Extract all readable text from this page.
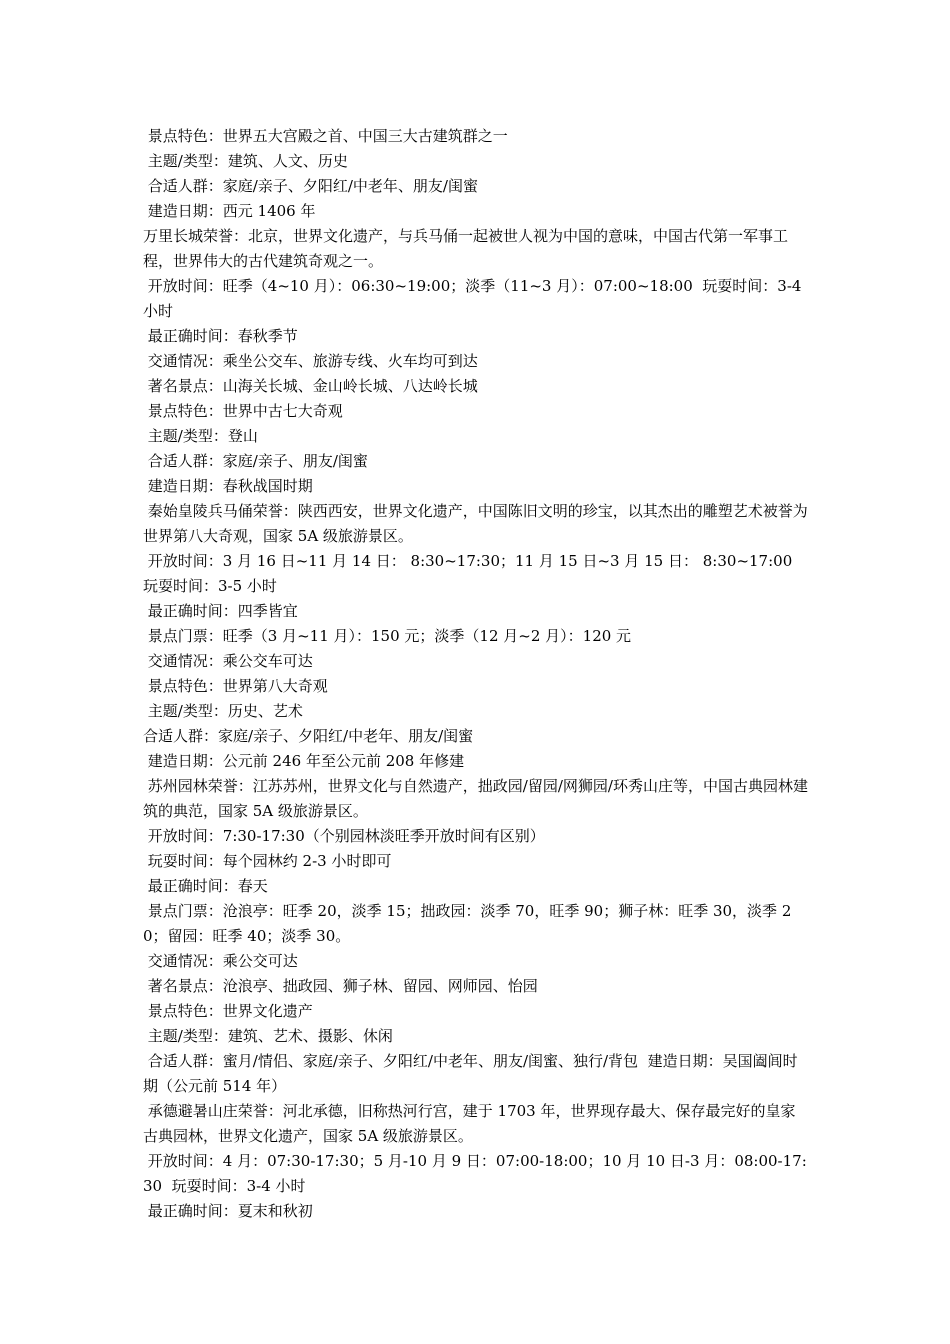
景点特色：世界五大宫殿之首、中国三大古建筑群之一

主题/类型：建筑、人文、历史

合适人群：家庭/亲子、夕阳红/中老年、朋友/闺蜜

建造日期：西元 1406 年

万里长城荣誉：北京，世界文化遗产，与兵马俑一起被世人视为中国的意味，中国古代第一军事工程，世界伟大的古代建筑奇观之一。

开放时间：旺季（4~10 月）：06:30~19:00；淡季（11~3 月）：07:00~18:00  玩耍时间：3-4 小时

最正确时间：春秋季节

交通情况：乘坐公交车、旅游专线、火车均可到达

著名景点：山海关长城、金山岭长城、八达岭长城

景点特色：世界中古七大奇观

主题/类型：登山

合适人群：家庭/亲子、朋友/闺蜜

建造日期：春秋战国时期

秦始皇陵兵马俑荣誉：陕西西安，世界文化遗产，中国陈旧文明的珍宝，以其杰出的雕塑艺术被誉为世界第八大奇观，国家 5A 级旅游景区。

开放时间：3 月 16 日~11 月 14 日： 8:30~17:30；11 月 15 日~3 月 15 日： 8:30~17:00  玩耍时间：3-5 小时

最正确时间：四季皆宜

景点门票：旺季（3 月~11 月）：150 元；淡季（12 月~2 月）：120 元

交通情况：乘公交车可达

景点特色：世界第八大奇观

主题/类型：历史、艺术

合适人群：家庭/亲子、夕阳红/中老年、朋友/闺蜜

建造日期：公元前 246 年至公元前 208 年修建

苏州园林荣誉：江苏苏州，世界文化与自然遗产，拙政园/留园/网狮园/环秀山庄等，中国古典园林建筑的典范，国家 5A 级旅游景区。

开放时间：7:30-17:30（个别园林淡旺季开放时间有区别）

玩耍时间：每个园林约 2-3 小时即可

最正确时间：春天

景点门票：沧浪亭：旺季 20，淡季 15；拙政园：淡季 70，旺季 90；狮子林：旺季 30，淡季 20；留园：旺季 40；淡季 30。

交通情况：乘公交可达

著名景点：沧浪亭、拙政园、狮子林、留园、网师园、怡园

景点特色：世界文化遗产

主题/类型：建筑、艺术、摄影、休闲

合适人群：蜜月/情侣、家庭/亲子、夕阳红/中老年、朋友/闺蜜、独行/背包  建造日期：吴国阖闾时期（公元前 514 年）

承德避暑山庄荣誉：河北承德，旧称热河行宫，建于 1703 年，世界现存最大、保存最完好的皇家古典园林，世界文化遗产，国家 5A 级旅游景区。

开放时间：4 月：07:30-17:30；5 月-10 月 9 日：07:00-18:00；10 月 10 日-3 月：08:00-17:30  玩耍时间：3-4 小时

最正确时间：夏末和秋初
